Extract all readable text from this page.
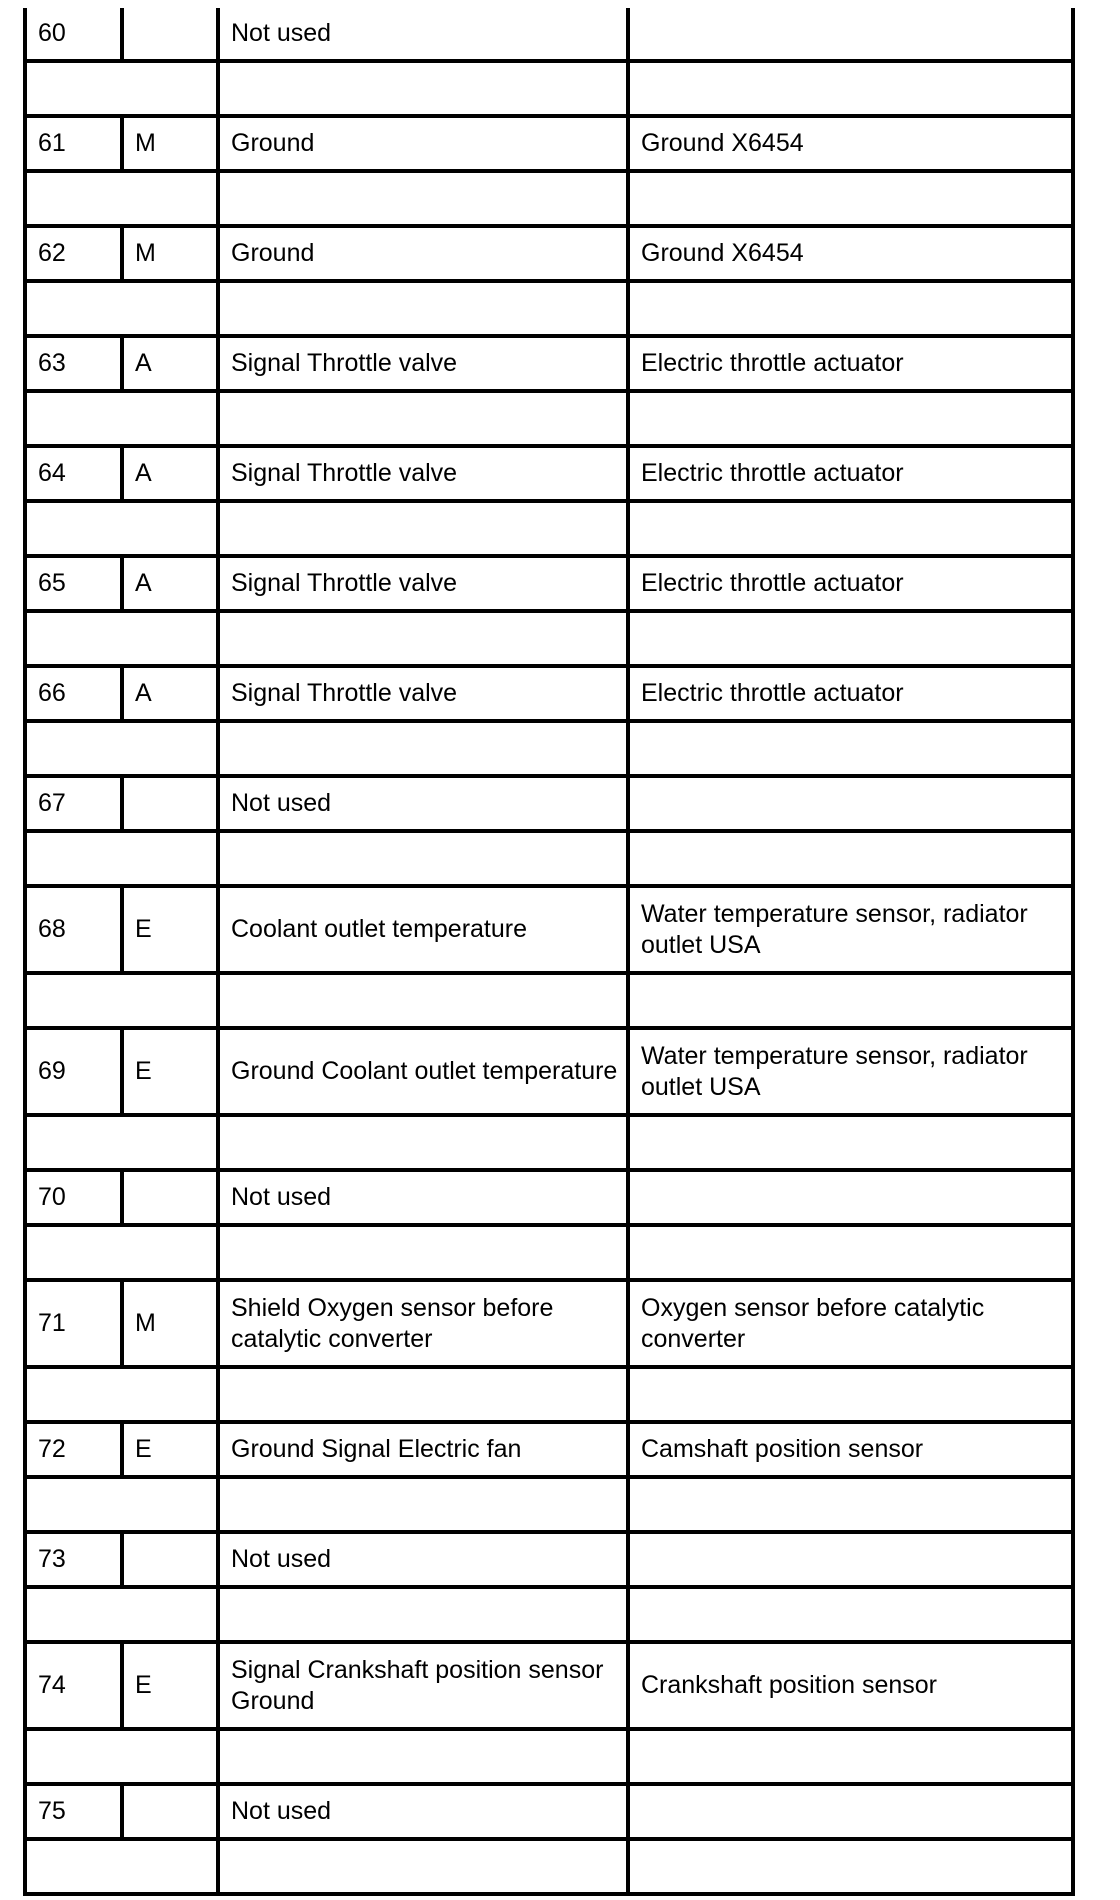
60		Not used	

61	M	Ground	Ground X6454

62	M	Ground	Ground X6454

63	A	Signal Throttle valve	Electric throttle actuator

64	A	Signal Throttle valve	Electric throttle actuator

65	A	Signal Throttle valve	Electric throttle actuator

66	A	Signal Throttle valve	Electric throttle actuator

67		Not used	

68	E	Coolant outlet temperature	Water temperature sensor, radiator outlet USA

69	E	Ground Coolant outlet temperature	Water temperature sensor, radiator outlet USA

70		Not used	

71	M	Shield Oxygen sensor before catalytic converter	Oxygen sensor before catalytic converter

72	E	Ground Signal Electric fan	Camshaft position sensor

73		Not used	

74	E	Signal Crankshaft position sensor Ground	Crankshaft position sensor

75		Not used	
